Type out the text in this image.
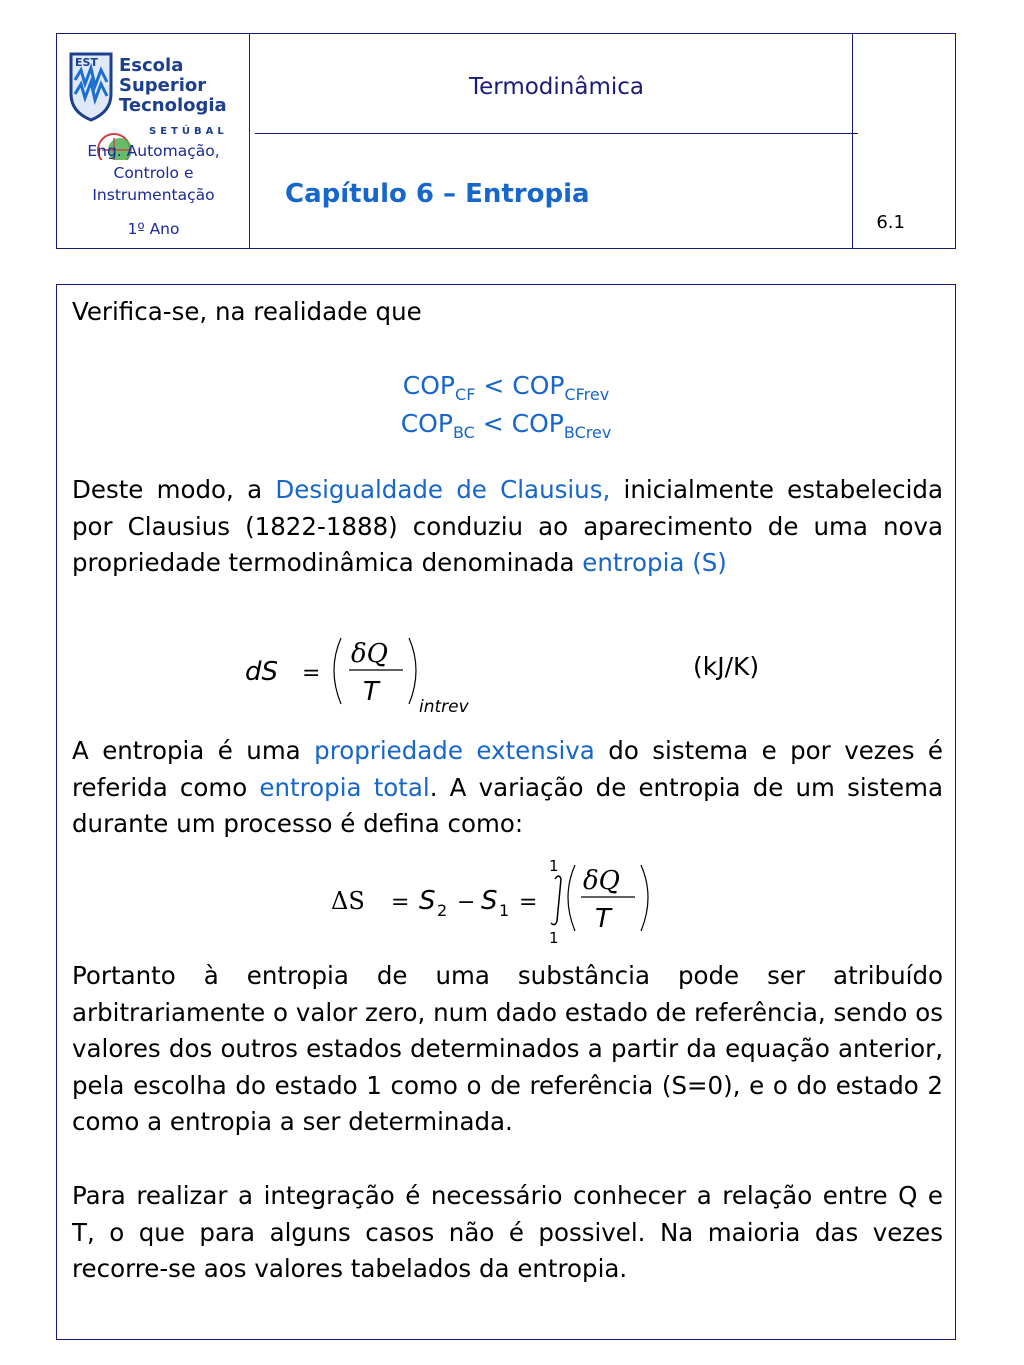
EST Escola
Superior
Tecnologia
SETÚBAL
Eng. Automação,
Controlo e
Instrumentação
1º Ano
Termodinâmica
Capítulo 6 – Entropia
6.1

Verifica-se, na realidade que

$COP_{CF} < COP_{CFrev}$
$COP_{BC} < COP_{BCrev}$

Deste modo, a Desigualdade de Clausius, inicialmente estabelecida por Clausius (1822-1888) conduziu ao aparecimento de uma nova propriedade termodinâmica denominada entropia (S)

dS =
δQ
T intrev
(kJ/K)

A entropia é uma propriedade extensiva do sistema e por vezes é referida como entropia total. A variação de entropia de um sistema durante um processo é defina como:

ΔS = S 2 − S 1 =
1
1
δQ
T

Portanto à entropia de uma substância pode ser atribuído arbitrariamente o valor zero, num dado estado de referência, sendo os valores dos outros estados determinados a partir da equação anterior, pela escolha do estado 1 como o de referência (S=0), e o do estado 2 como a entropia a ser determinada.

Para realizar a integração é necessário conhecer a relação entre Q e T, o que para alguns casos não é possivel. Na maioria das vezes recorre-se aos valores tabelados da entropia.
